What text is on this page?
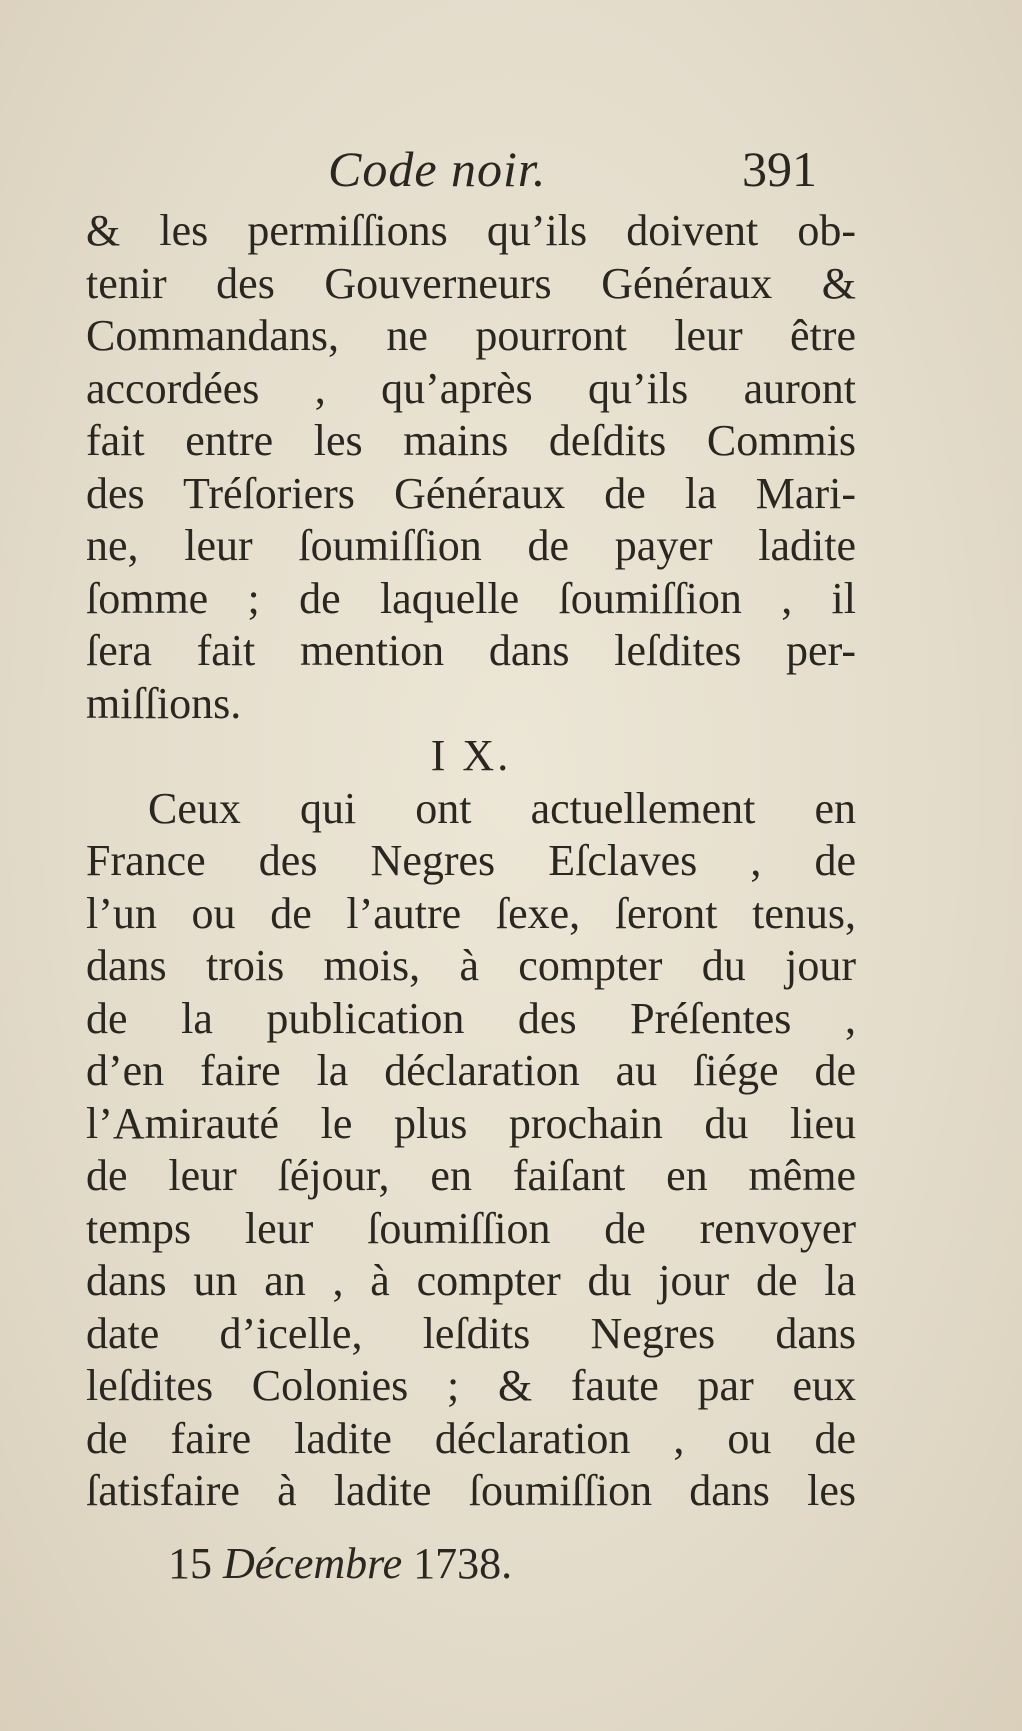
Code noir.	391
& les permiſſions qu’ils doivent ob-
tenir des Gouverneurs Généraux &
Commandans, ne pourront leur être
accordées , qu’après qu’ils auront
fait entre les mains deſdits Commis
des Tréſoriers Généraux de la Mari-
ne, leur ſoumiſſion de payer ladite
ſomme ; de laquelle ſoumiſſion , il
ſera fait mention dans leſdites per-
miſſions.
I X.
Ceux qui ont actuellement en
France des Negres Eſclaves , de
l’un ou de l’autre ſexe, ſeront tenus,
dans trois mois, à compter du jour
de la publication des Préſentes ,
d’en faire la déclaration au ſiége de
l’Amirauté le plus prochain du lieu
de leur ſéjour, en faiſant en même
temps leur ſoumiſſion de renvoyer
dans un an , à compter du jour de la
date d’icelle, leſdits Negres dans
leſdites Colonies ; & faute par eux
de faire ladite déclaration , ou de
ſatisfaire à ladite ſoumiſſion dans les
15 Décembre 1738.
